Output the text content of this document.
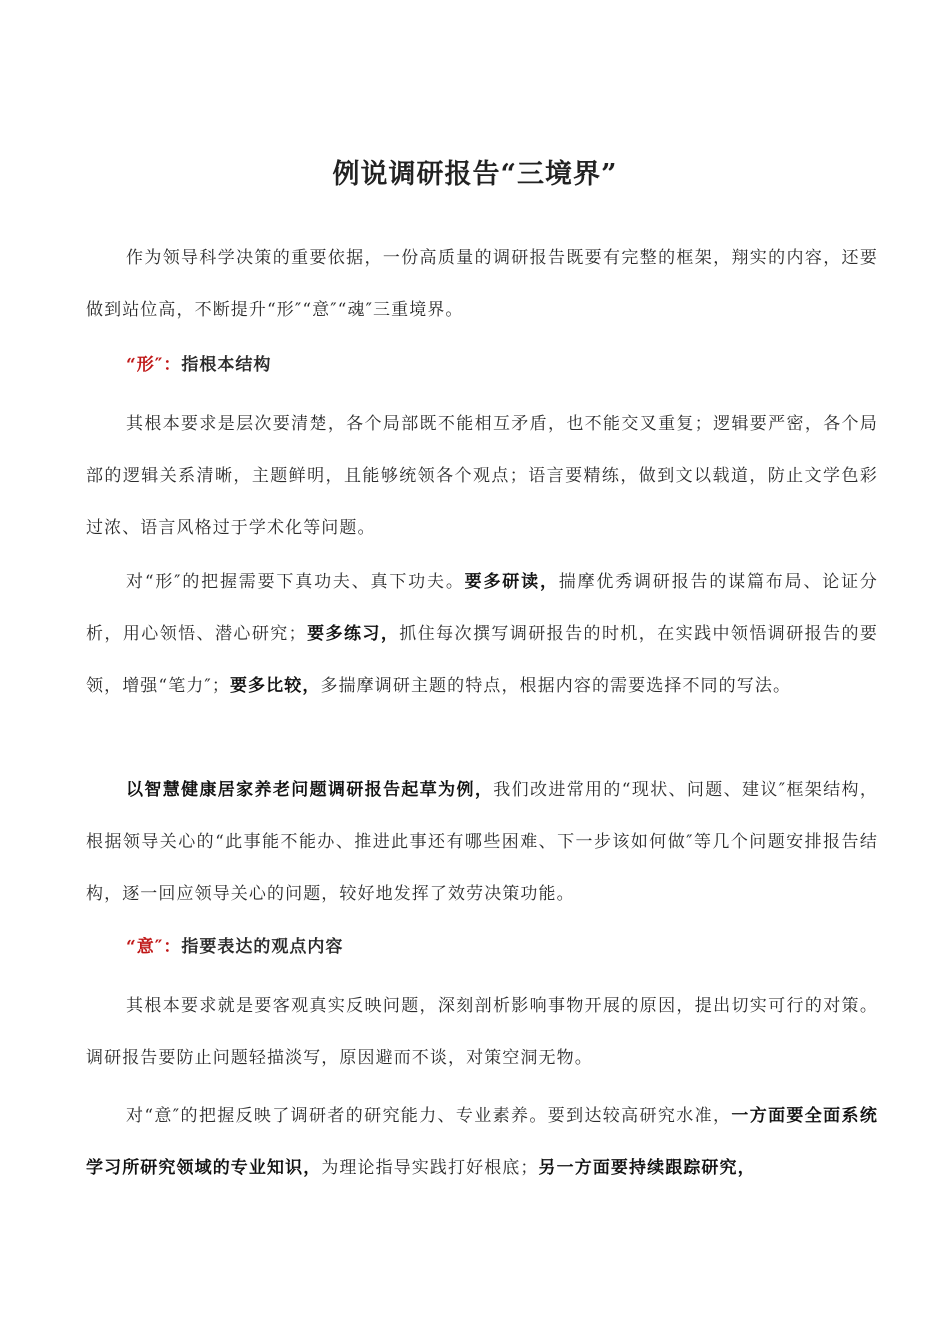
例说调研报告“三境界”

作为领导科学决策的重要依据，一份高质量的调研报告既要有完整的框架，翔实的内容，还要做到站位高，不断提升“形″“意″“魂″三重境界。

“形″：指根本结构

其根本要求是层次要清楚，各个局部既不能相互矛盾，也不能交叉重复；逻辑要严密，各个局部的逻辑关系清晰，主题鲜明，且能够统领各个观点；语言要精练，做到文以载道，防止文学色彩过浓、语言风格过于学术化等问题。

对“形″的把握需要下真功夫、真下功夫。要多研读，揣摩优秀调研报告的谋篇布局、论证分析，用心领悟、潜心研究；要多练习，抓住每次撰写调研报告的时机，在实践中领悟调研报告的要领，增强“笔力″；要多比较，多揣摩调研主题的特点，根据内容的需要选择不同的写法。

以智慧健康居家养老问题调研报告起草为例，我们改进常用的“现状、问题、建议″框架结构，根据领导关心的“此事能不能办、推进此事还有哪些困难、下一步该如何做″等几个问题安排报告结构，逐一回应领导关心的问题，较好地发挥了效劳决策功能。

“意″：指要表达的观点内容

其根本要求就是要客观真实反映问题，深刻剖析影响事物开展的原因，提出切实可行的对策。调研报告要防止问题轻描淡写，原因避而不谈，对策空洞无物。

对“意″的把握反映了调研者的研究能力、专业素养。要到达较高研究水准，一方面要全面系统学习所研究领域的专业知识，为理论指导实践打好根底；另一方面要持续跟踪研究，
